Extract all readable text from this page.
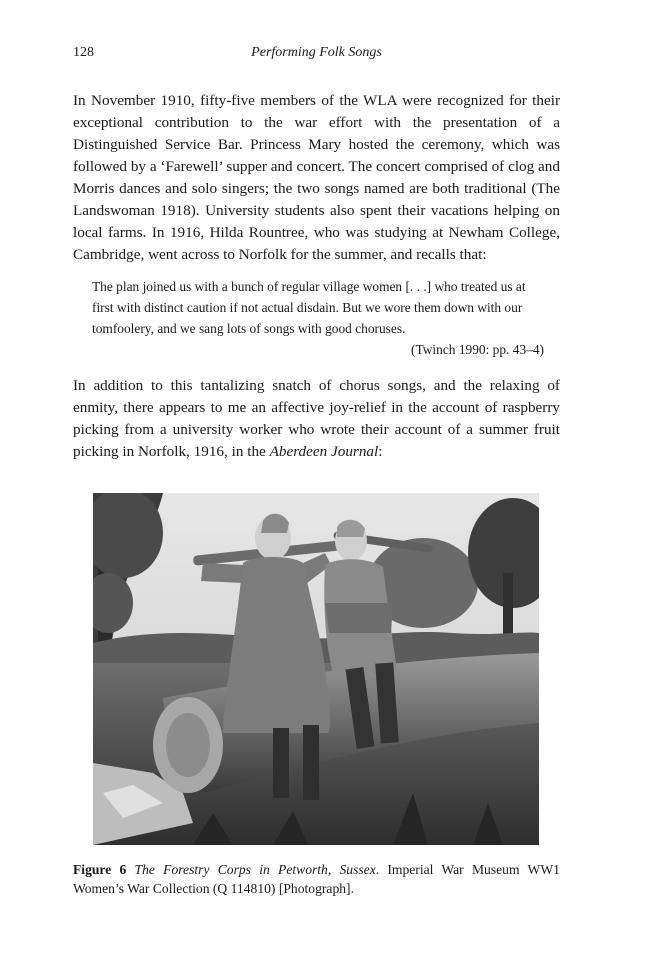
128	Performing Folk Songs

In November 1910, fifty-five members of the WLA were recognized for their exceptional contribution to the war effort with the presentation of a Distinguished Service Bar. Princess Mary hosted the ceremony, which was followed by a ‘Farewell’ supper and concert. The concert comprised of clog and Morris dances and solo singers; the two songs named are both traditional (The Landswoman 1918). University students also spent their vacations helping on local farms. In 1916, Hilda Rountree, who was studying at Newham College, Cambridge, went across to Norfolk for the summer, and recalls that:

The plan joined us with a bunch of regular village women [. . .] who treated us at first with distinct caution if not actual disdain. But we wore them down with our tomfoolery, and we sang lots of songs with good choruses.

(Twinch 1990: pp. 43–4)

In addition to this tantalizing snatch of chorus songs, and the relaxing of enmity, there appears to me an affective joy-relief in the account of raspberry picking from a university worker who wrote their account of a summer fruit picking in Norfolk, 1916, in the Aberdeen Journal:

Figure 6 The Forestry Corps in Petworth, Sussex. Imperial War Museum WW1 Women’s War Collection (Q 114810) [Photograph].
